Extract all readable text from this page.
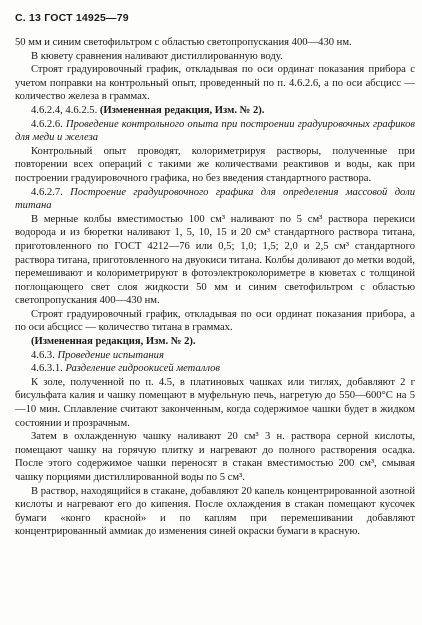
С. 13 ГОСТ 14925—79

50 мм и синим светофильтром с областью светопропускания 400—430 нм.

В кювету сравнения наливают дистиллированную воду.

Строят градуировочный график, откладывая по оси ординат показания прибора с учетом поправки на контрольный опыт, проведенный по п. 4.6.2.6, а по оси абсцисс — количество железа в граммах.

4.6.2.4, 4.6.2.5. (Измененная редакция, Изм. № 2).

4.6.2.6. Проведение контрольного опыта при построении градуировочных графиков для меди и железа

Контрольный опыт проводят, колориметрируя растворы, полученные при повторении всех операций с такими же количествами реактивов и воды, как при построении градуировочного графика, но без введения стандартного раствора.

4.6.2.7. Построение градуировочного графика для определения массовой доли титана

В мерные колбы вместимостью 100 см³ наливают по 5 см³ раствора перекиси водорода и из бюретки наливают 1, 5, 10, 15 и 20 см³ стандартного раствора титана, приготовленного по ГОСТ 4212—76 или 0,5; 1,0; 1,5; 2,0 и 2,5 см³ стандартного раствора титана, приготовленного на двуокиси титана. Колбы доливают до метки водой, перемешивают и колориметрируют в фотоэлектроколориметре в кюветах с толщиной поглощающего свет слоя жидкости 50 мм и синим светофильтром с областью светопропускания 400—430 нм.

Строят градуировочный график, откладывая по оси ординат показания прибора, а по оси абсцисс — количество титана в граммах.

(Измененная редакция, Изм. № 2).

4.6.3. Проведение испытания

4.6.3.1. Разделение гидроокисей металлов

К золе, полученной по п. 4.5, в платиновых чашках или тиглях, добавляют 2 г бисульфата калия и чашку помещают в муфельную печь, нагретую до 550—600°С на 5—10 мин. Сплавление считают законченным, когда содержимое чашки будет в жидком состоянии и прозрачным.

Затем в охлажденную чашку наливают 20 см³ 3 н. раствора серной кислоты, помещают чашку на горячую плитку и нагревают до полного растворения осадка. После этого содержимое чашки переносят в стакан вместимостью 200 см³, смывая чашку порциями дистиллированной воды по 5 см³.

В раствор, находящийся в стакане, добавляют 20 капель концентрированной азотной кислоты и нагревают его до кипения. После охлаждения в стакан помещают кусочек бумаги «конго красной» и по каплям при перемешивании добавляют концентрированный аммиак до изменения синей окраски бумаги в красную.
